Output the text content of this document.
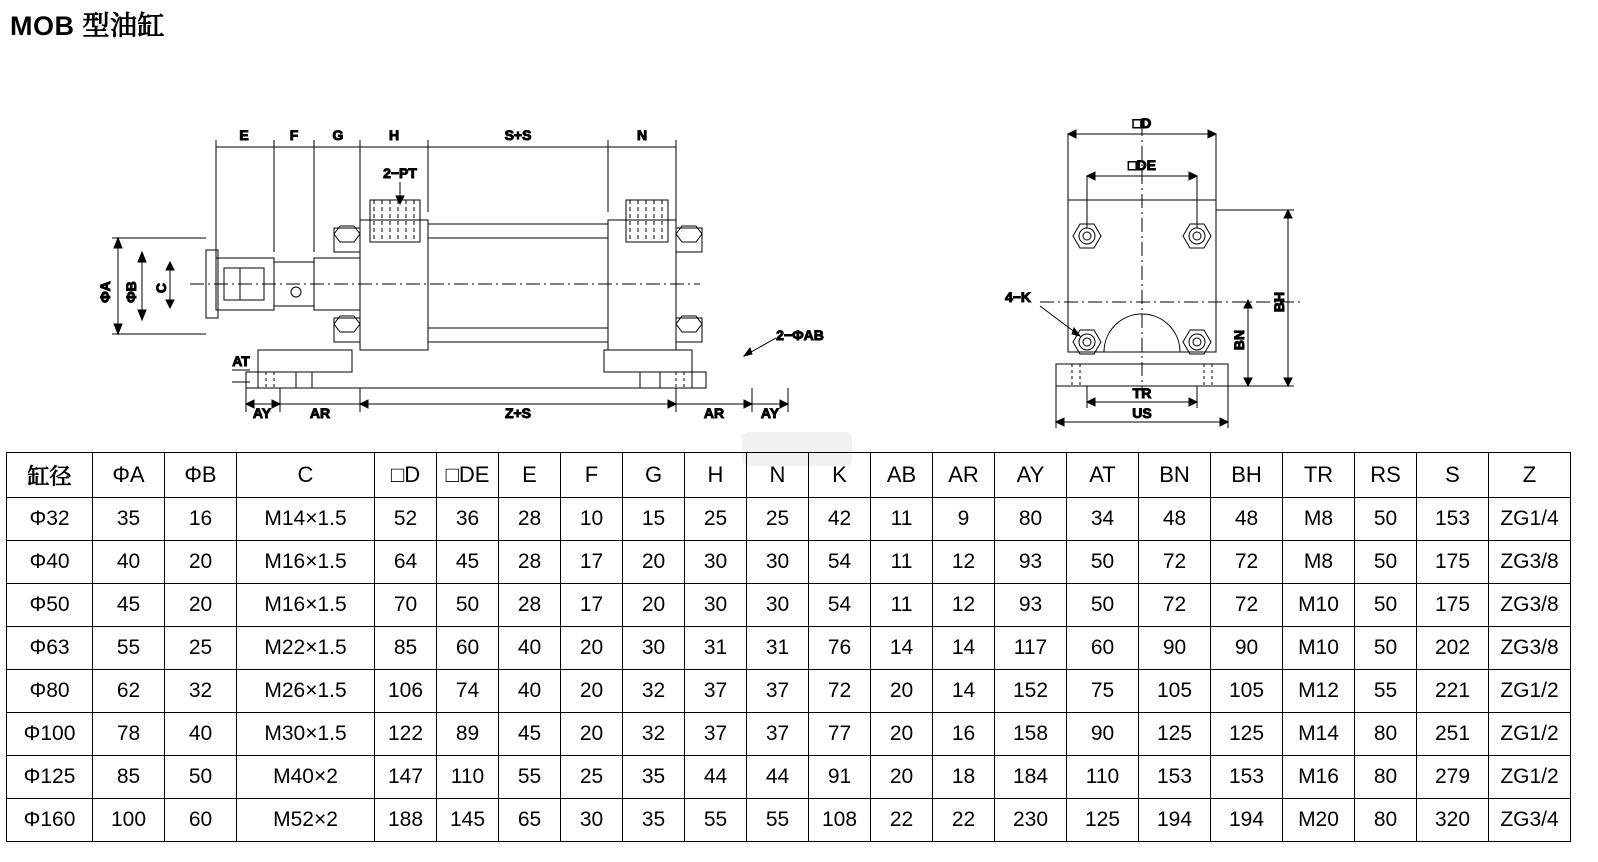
MOB 型油缸
E	F G	H	S+S	N
ΦA ΦB C
AY	AR	Z+S	AR	AY
AT
2−PT
2−ΦAB
□D
□DE
BH
BN
TR
US
4−K
缸径	ΦA	ΦB	C	□D	□DE	E	F	G	H	N	K	AB	AR	AY	AT	BN	BH	TR	RS	S	Z
Φ32	35	16	M14×1.5	52	36	28	10	15	25	25	42	11	9	80	34	48	48	M8	50	153	ZG1/4
Φ40	40	20	M16×1.5	64	45	28	17	20	30	30	54	11	12	93	50	72	72	M8	50	175	ZG3/8
Φ50	45	20	M16×1.5	70	50	28	17	20	30	30	54	11	12	93	50	72	72	M10	50	175	ZG3/8
Φ63	55	25	M22×1.5	85	60	40	20	30	31	31	76	14	14	117	60	90	90	M10	50	202	ZG3/8
Φ80	62	32	M26×1.5	106	74	40	20	32	37	37	72	20	14	152	75	105	105	M12	55	221	ZG1/2
Φ100	78	40	M30×1.5	122	89	45	20	32	37	37	77	20	16	158	90	125	125	M14	80	251	ZG1/2
Φ125	85	50	M40×2	147	110	55	25	35	44	44	91	20	18	184	110	153	153	M16	80	279	ZG1/2
Φ160	100	60	M52×2	188	145	65	30	35	55	55	108	22	22	230	125	194	194	M20	80	320	ZG3/4
